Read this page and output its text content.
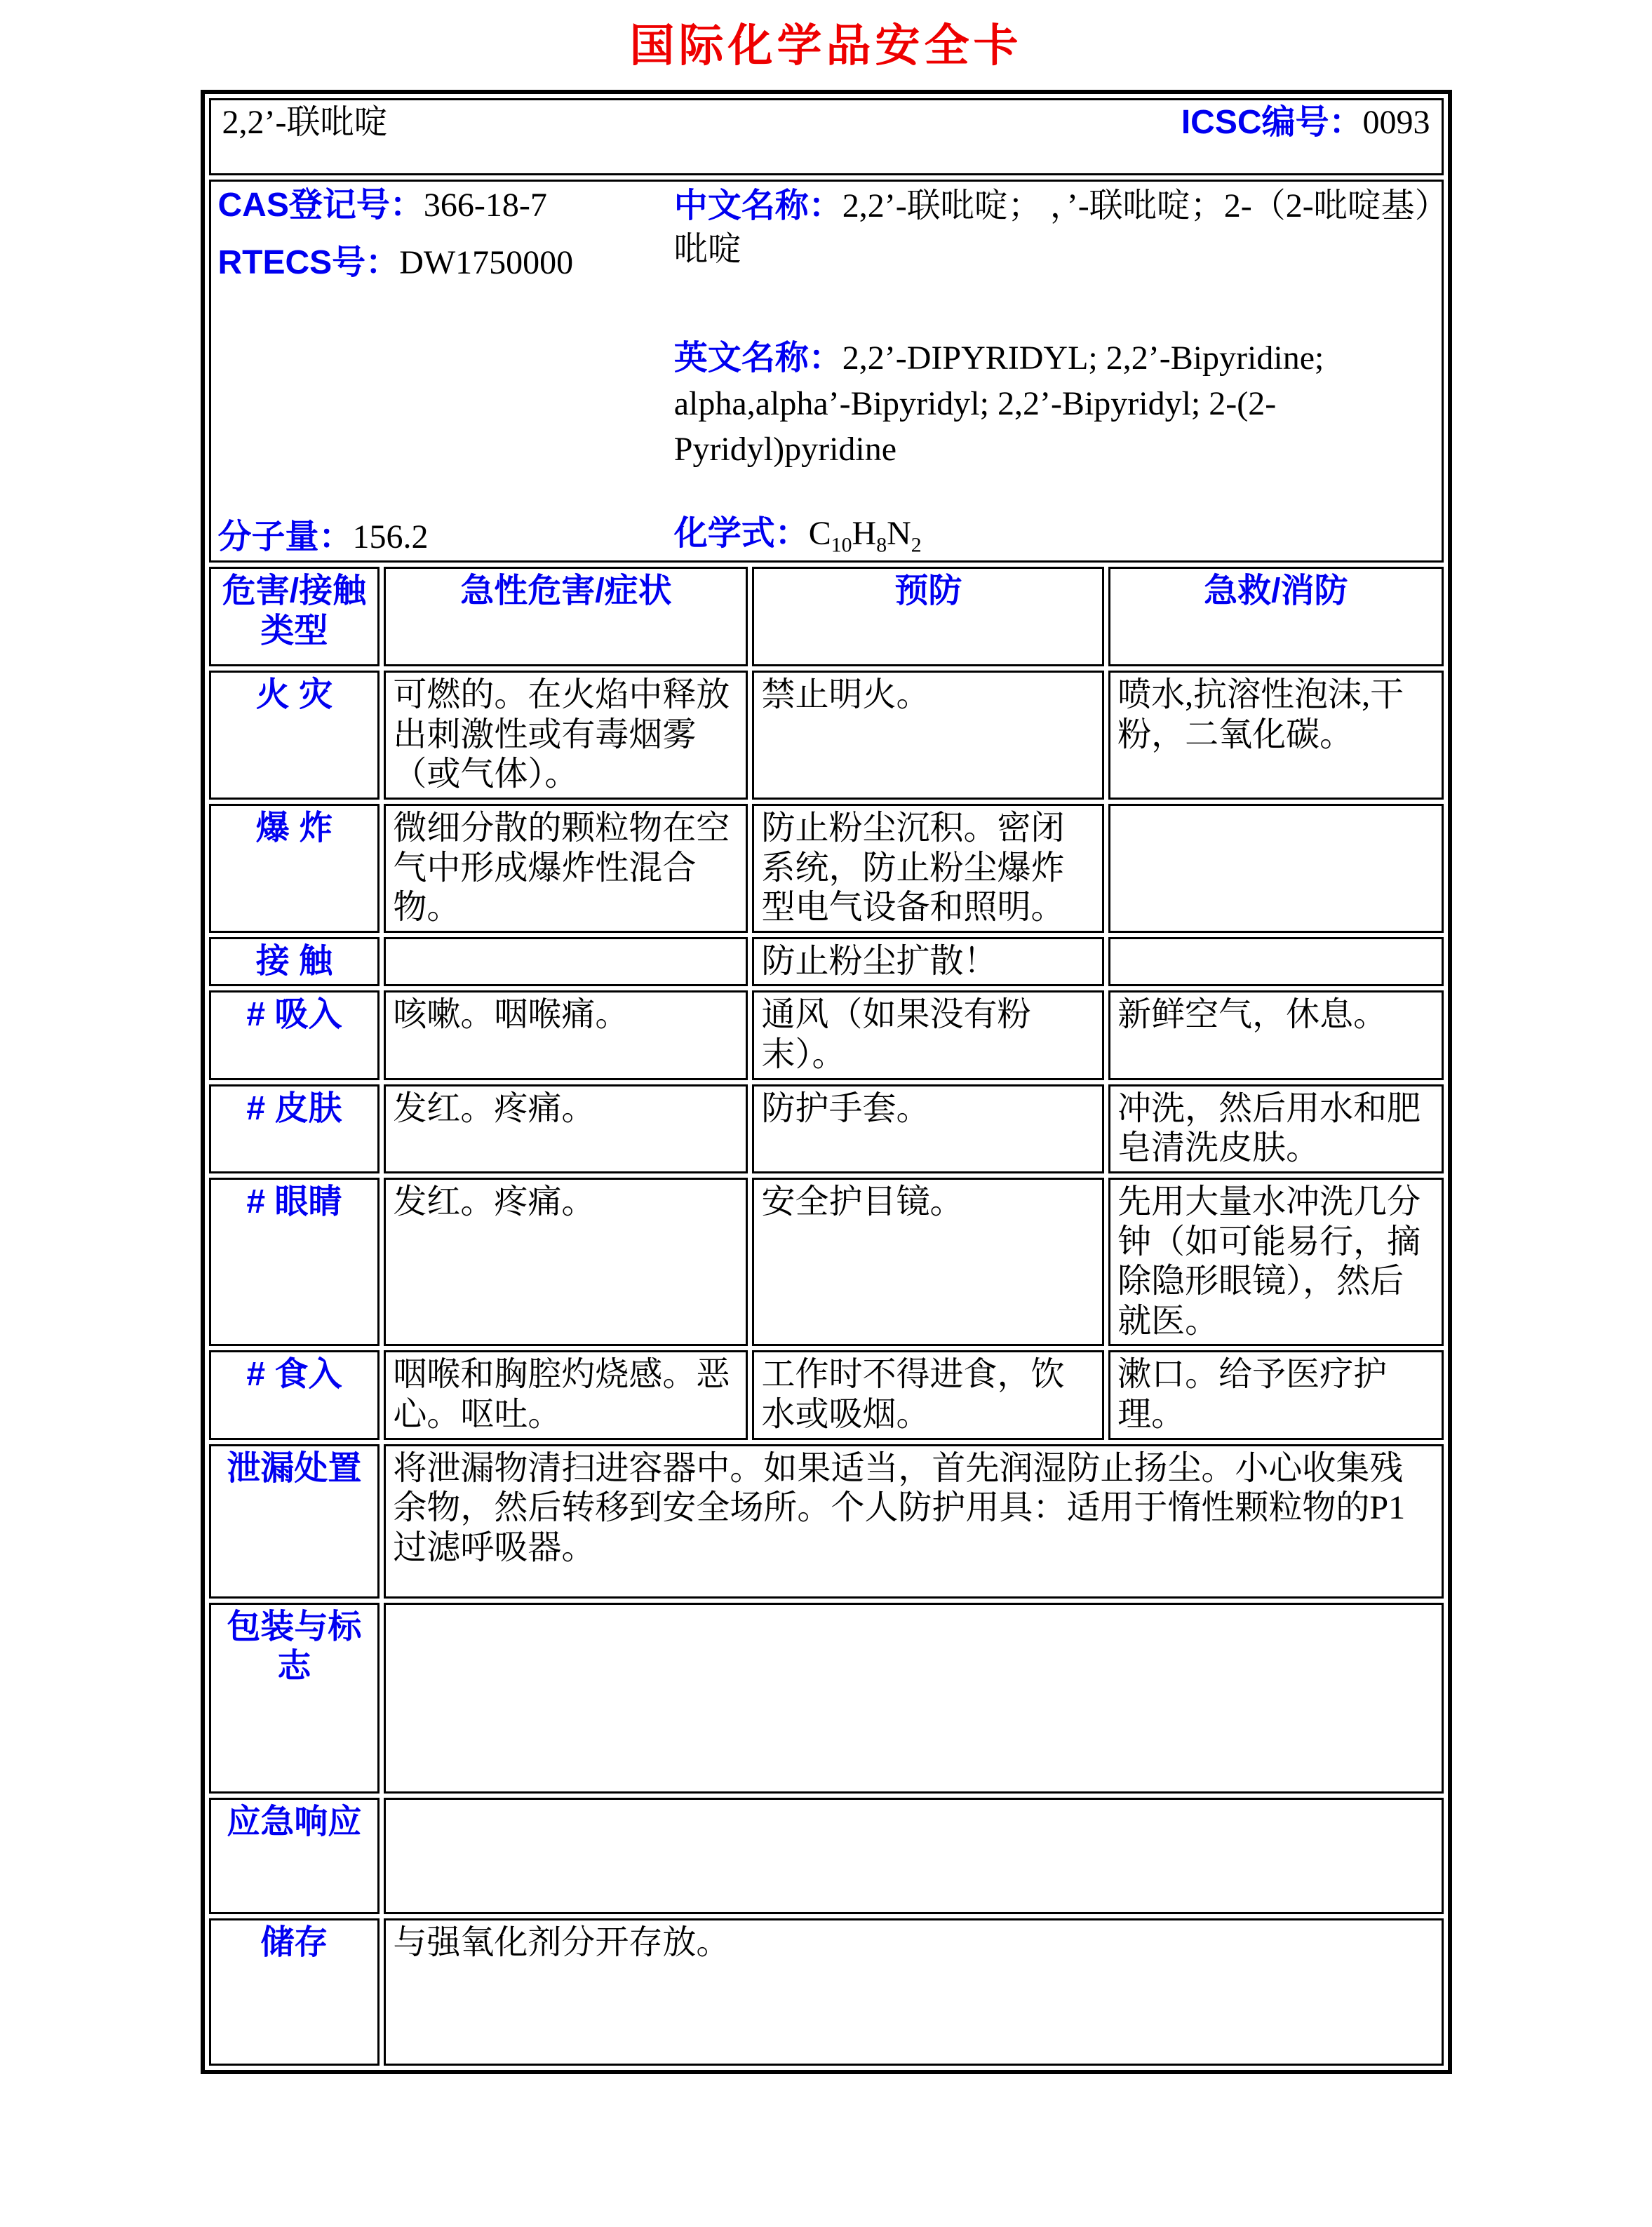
国际化学品安全卡
2,2’-联吡啶 ICSC编号：0093			

CAS登记号：366-18-7
RTECS号：DW1750000

中文名称：2,2’-联吡啶； ，’-联吡啶；2-（2-吡啶基）吡啶

英文名称：2,2’-DIPYRIDYL; 2,2’-Bipyridine; alpha,alpha’-Bipyridyl; 2,2’-Bipyridyl; 2-(2-Pyridyl)pyridine

分子量：156.2	化学式：$C_{10}H_8N_2$

危害/接触
类型	急性危害/症状	预防	急救/消防
火 灾	可燃的。在火焰中释放出刺激性或有毒烟雾（或气体）。	禁止明火。	喷水,抗溶性泡沫,干粉，二氧化碳。
爆 炸	微细分散的颗粒物在空气中形成爆炸性混合物。	防止粉尘沉积。密闭系统，防止粉尘爆炸型电气设备和照明。	
接 触		防止粉尘扩散！	
# 吸入	咳嗽。咽喉痛。	通风（如果没有粉末）。	新鲜空气，休息。
# 皮肤	发红。疼痛。	防护手套。	冲洗，然后用水和肥皂清洗皮肤。
# 眼睛	发红。疼痛。	安全护目镜。	先用大量水冲洗几分钟（如可能易行，摘除隐形眼镜），然后就医。
# 食入	咽喉和胸腔灼烧感。恶心。呕吐。	工作时不得进食，饮水或吸烟。	漱口。给予医疗护理。
泄漏处置	将泄漏物清扫进容器中。如果适当，首先润湿防止扬尘。小心收集残余物，然后转移到安全场所。个人防护用具：适用于惰性颗粒物的P1过滤呼吸器。		
包装与标志			
应急响应			
储存	与强氧化剂分开存放。		
